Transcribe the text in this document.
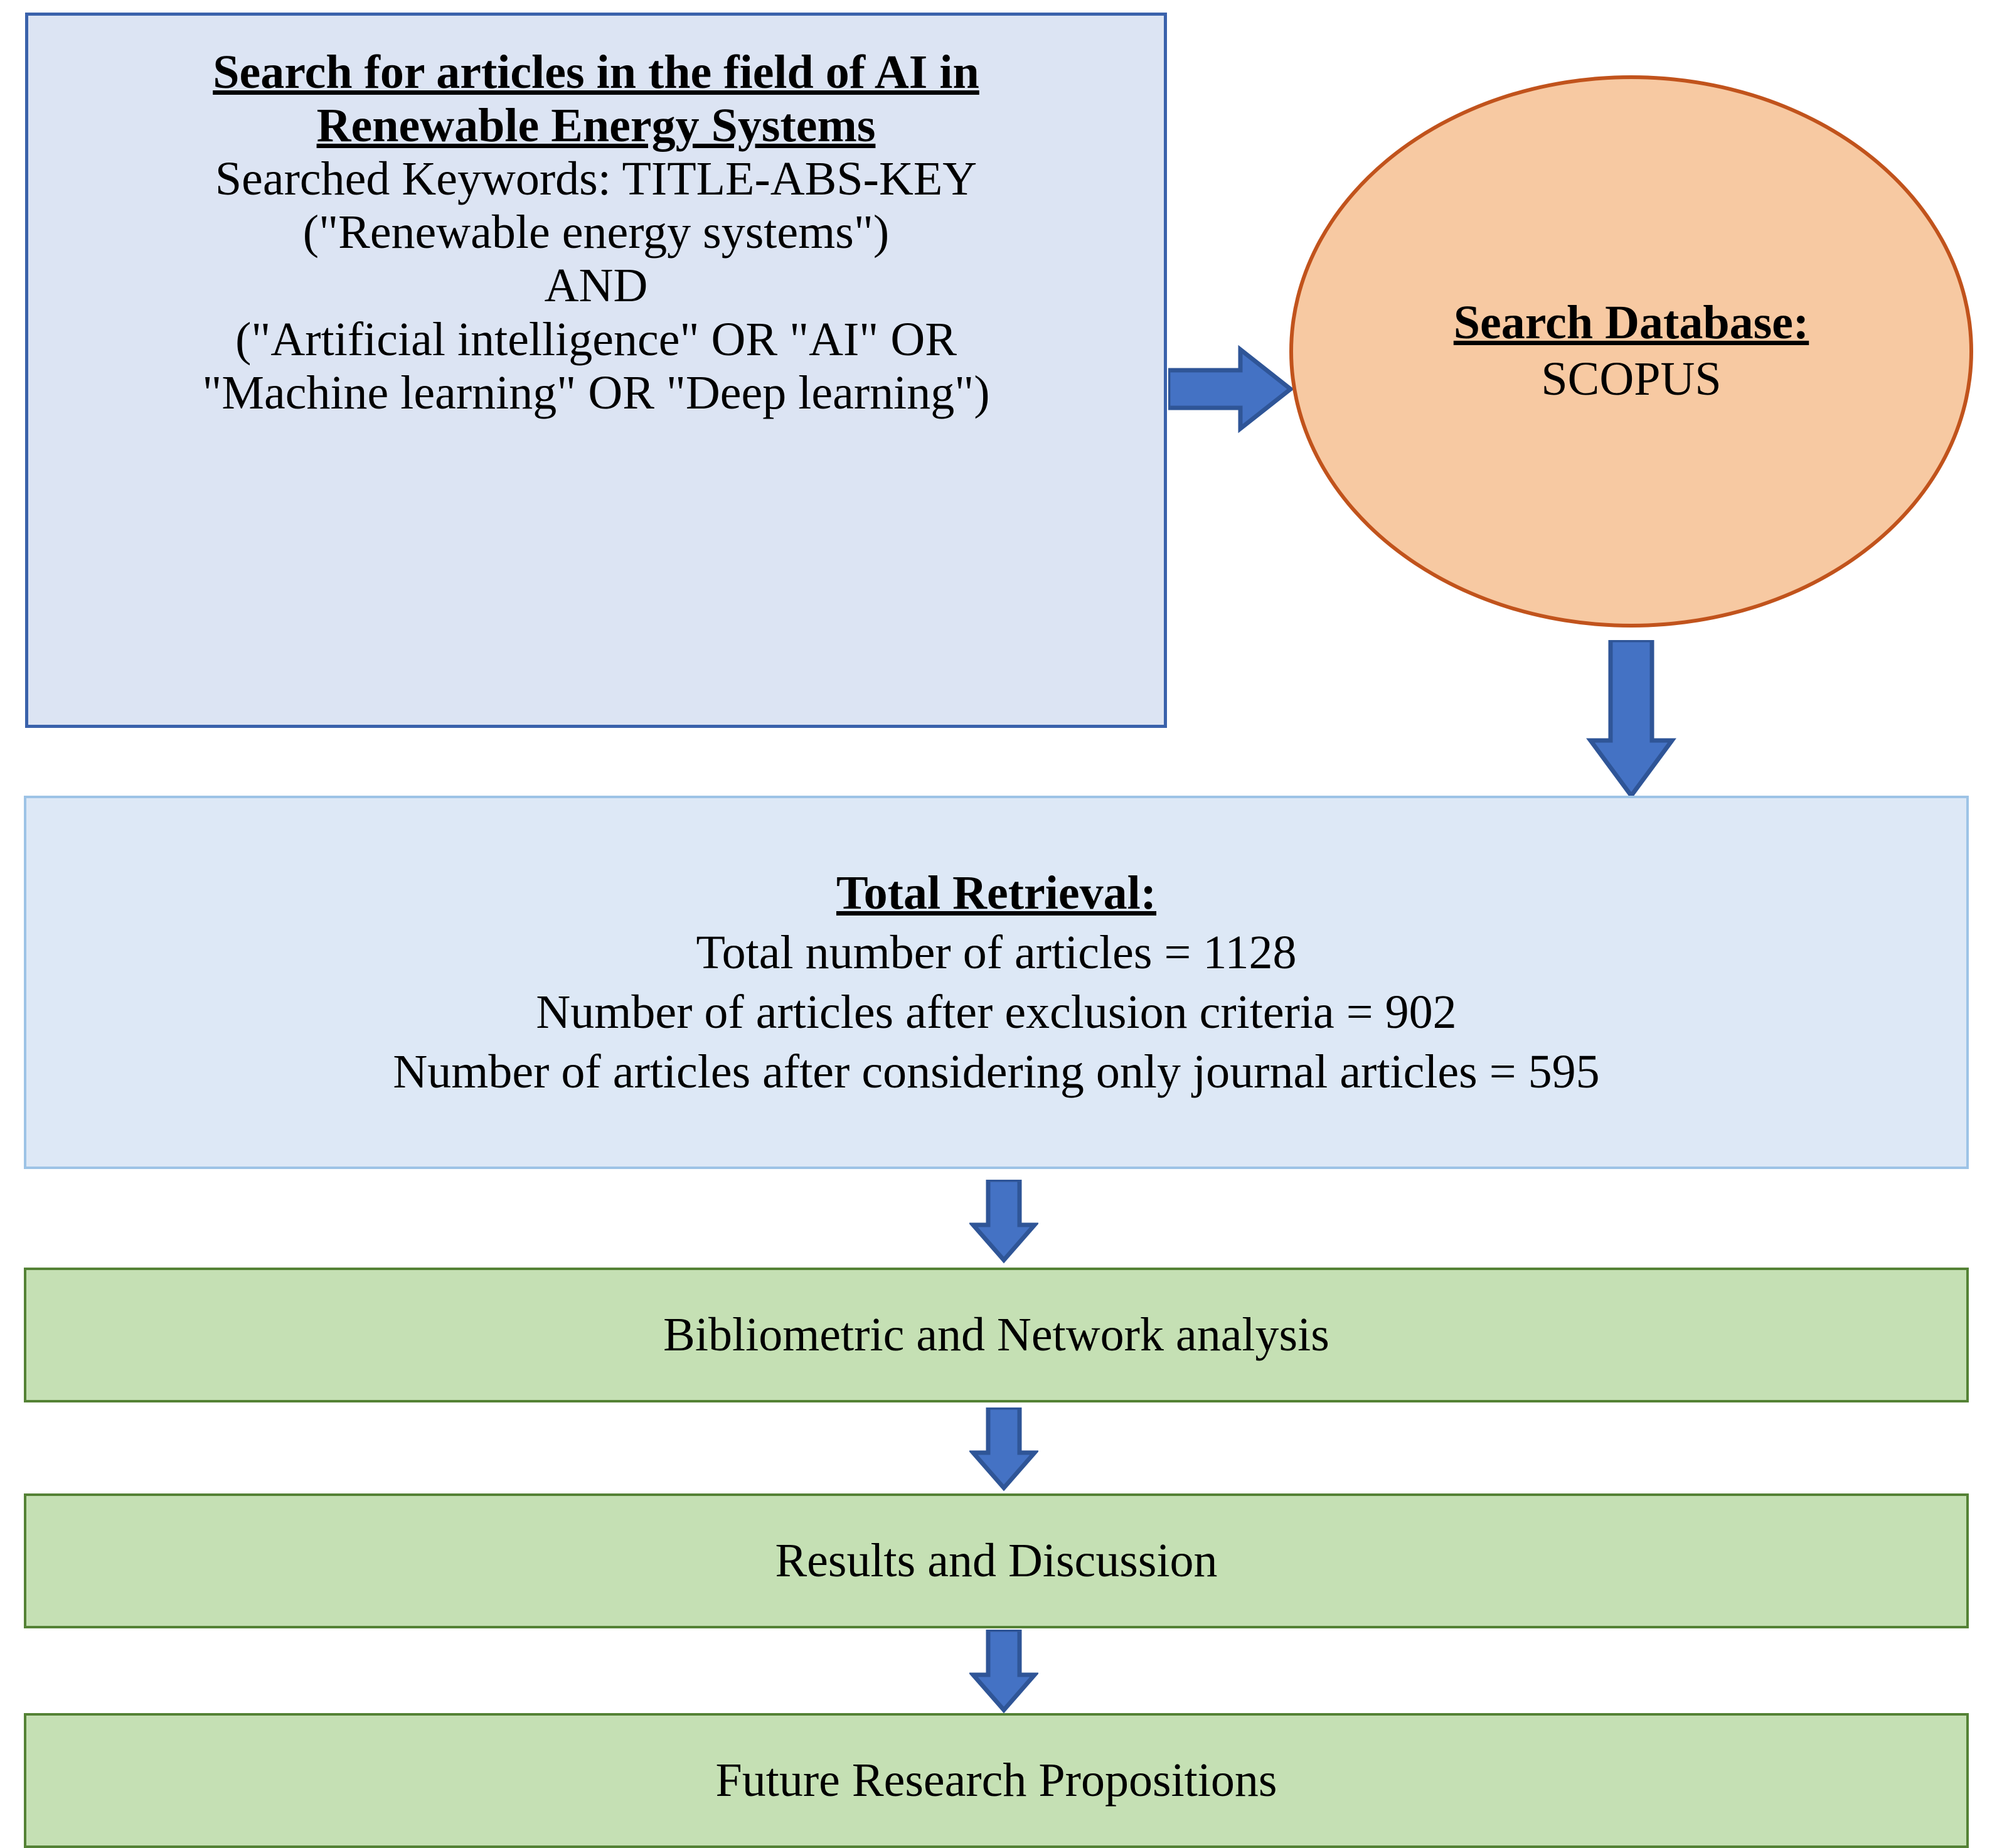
Search for articles in the field of AI in
Renewable Energy Systems
Searched Keywords: TITLE-ABS-KEY
("Renewable energy systems")
AND
("Artificial intelligence" OR "AI" OR
"Machine learning" OR "Deep learning")
Search Database:
SCOPUS
Total Retrieval:
Total number of articles = 1128
Number of articles after exclusion criteria = 902
Number of articles after considering only journal articles = 595
Bibliometric and Network analysis
Results and Discussion
Future Research Propositions
